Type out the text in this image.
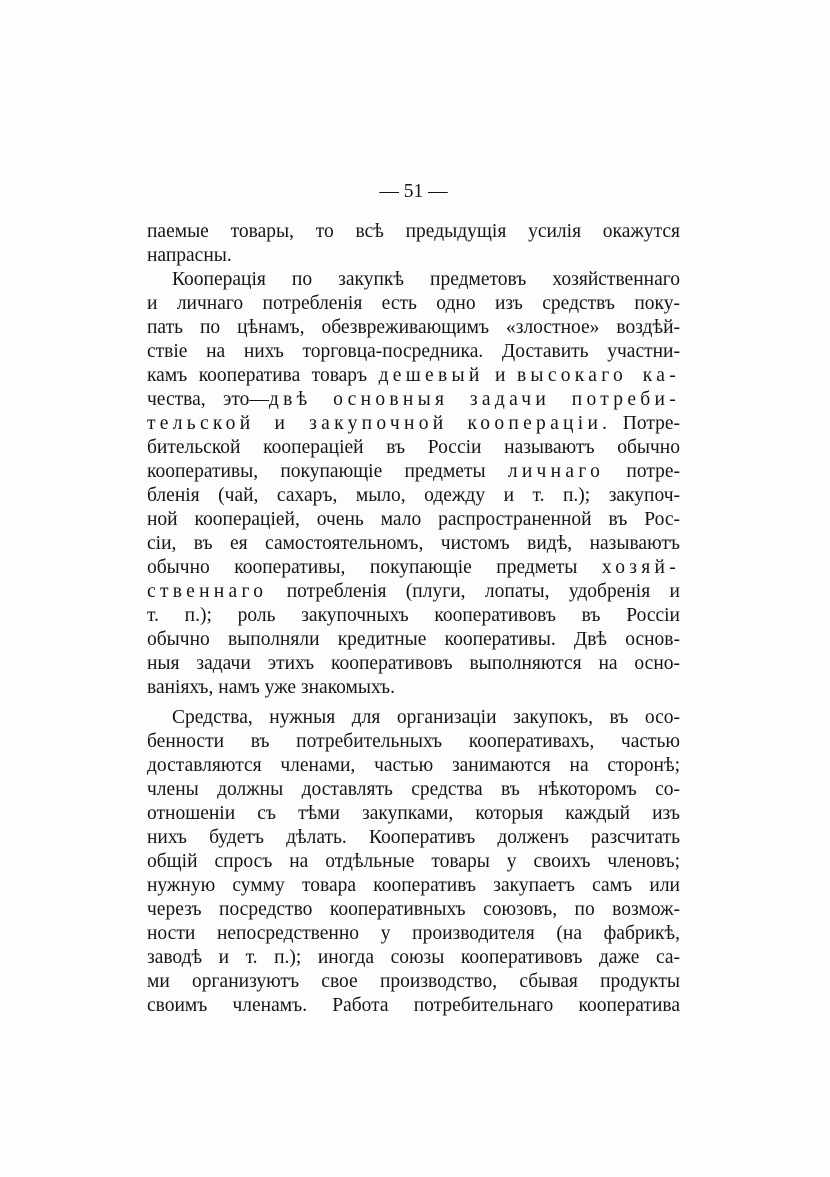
— 51 —
паемые товары, то всѣ предыдущія усилія окажутся
напрасны.
Кооперація по закупкѣ предметовъ хозяйственнаго
и личнаго потребленія есть одно изъ средствъ поку-
пать по цѣнамъ, обезвреживающимъ «злостное» воздѣй-
ствіе на нихъ торговца-посредника. Доставить участни-
камъ кооператива товаръ дешевый и высокаго ка-
чества, это—двѣ основныя задачи потреби-
тельской и закупочной коопераціи. Потре-
бительской коопераціей въ Россіи называютъ обычно
кооперативы, покупающіе предметы личнаго потре-
бленія (чай, сахаръ, мыло, одежду и т. п.); закупоч-
ной коопераціей, очень мало распространенной въ Рос-
сіи, въ ея самостоятельномъ, чистомъ видѣ, называютъ
обычно кооперативы, покупающіе предметы хозяй-
ственнаго потребленія (плуги, лопаты, удобренія и
т. п.); роль закупочныхъ кооперативовъ въ Россіи
обычно выполняли кредитные кооперативы. Двѣ основ-
ныя задачи этихъ кооперативовъ выполняются на осно-
ваніяхъ, намъ уже знакомыхъ.
Средства, нужныя для организаціи закупокъ, въ осо-
бенности въ потребительныхъ кооперативахъ, частью
доставляются членами, частью занимаются на сторонѣ;
члены должны доставлять средства въ нѣкоторомъ со-
отношеніи съ тѣми закупками, которыя каждый изъ
нихъ будетъ дѣлать. Кооперативъ долженъ разсчитать
общій спросъ на отдѣльные товары у своихъ членовъ;
нужную сумму товара кооперативъ закупаетъ самъ или
черезъ посредство кооперативныхъ союзовъ, по возмож-
ности непосредственно у производителя (на фабрикѣ,
заводѣ и т. п.); иногда союзы кооперативовъ даже са-
ми организуютъ свое производство, сбывая продукты
своимъ членамъ. Работа потребительнаго кооператива
